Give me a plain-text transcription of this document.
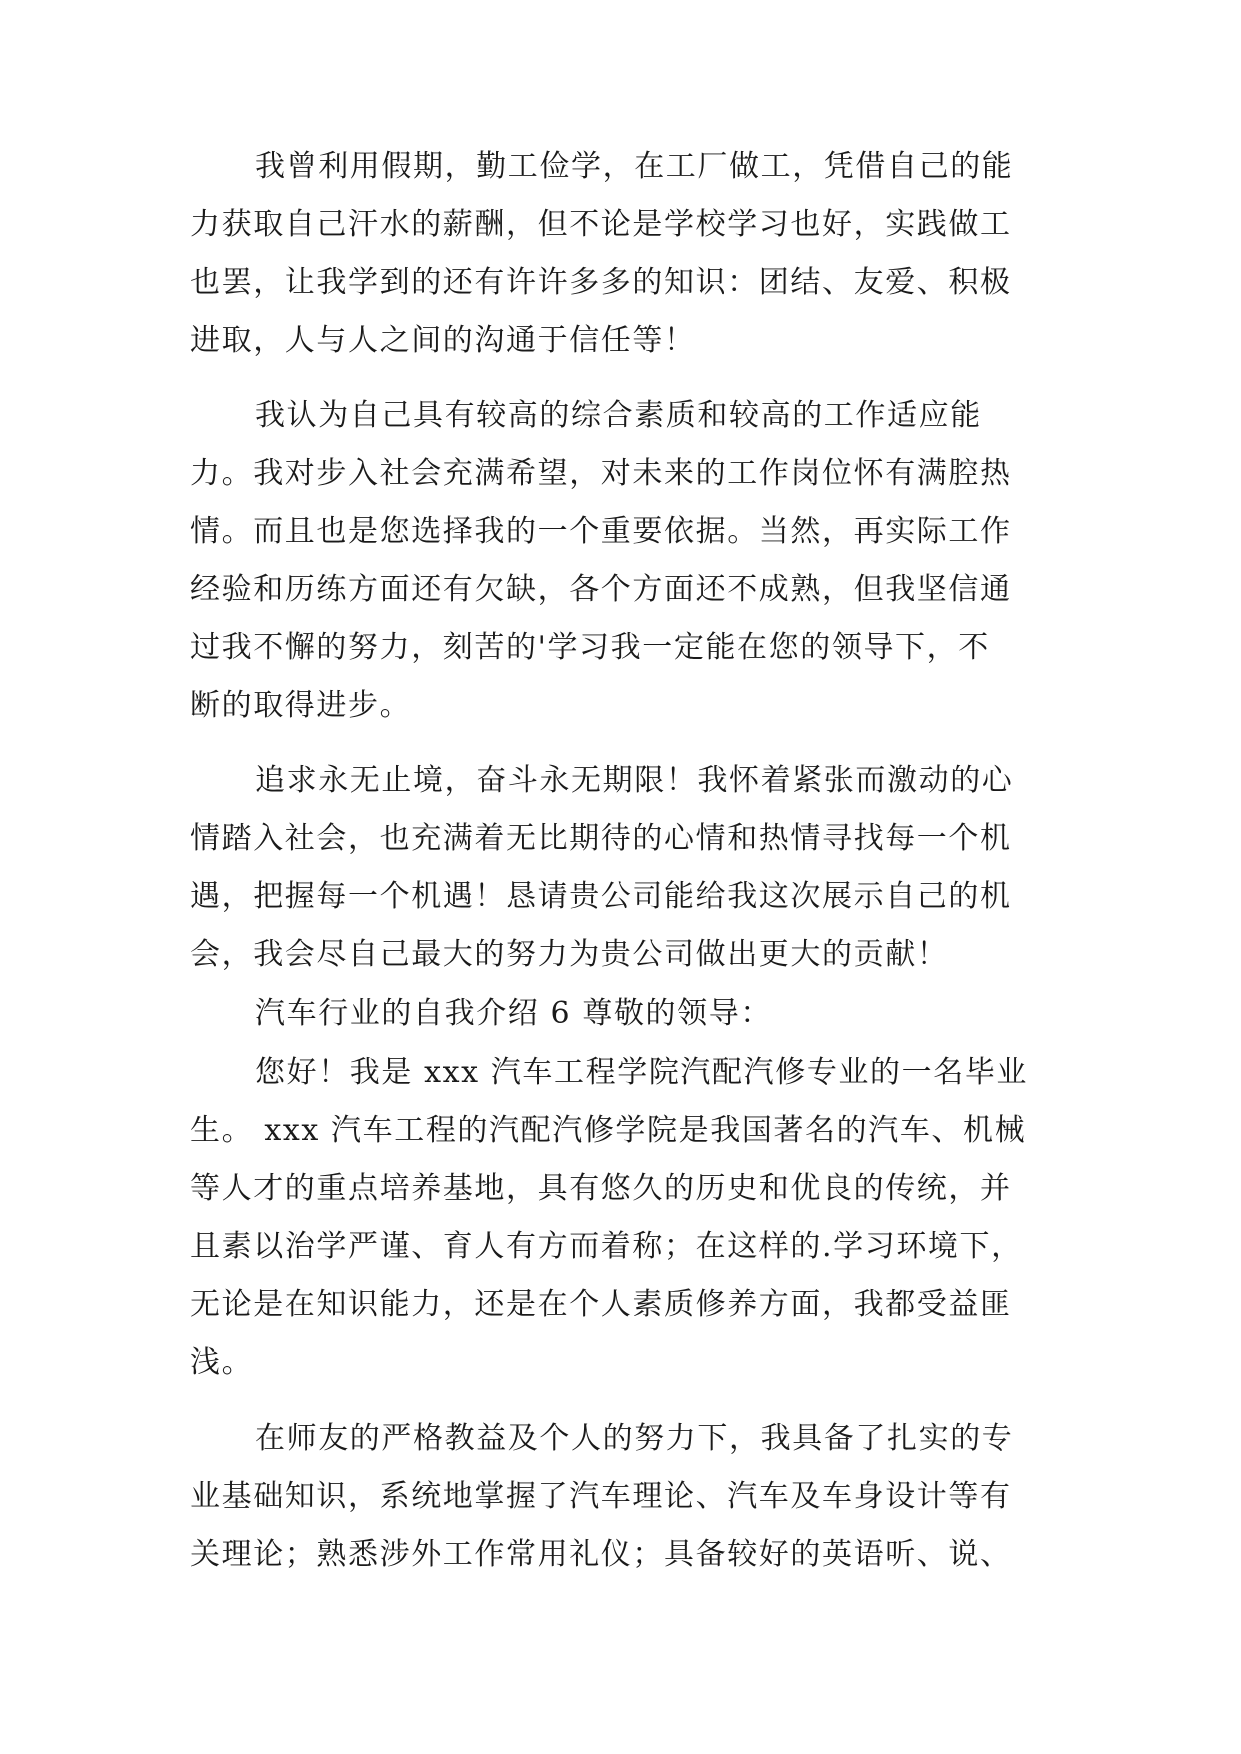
我曾利用假期，勤工俭学，在工厂做工，凭借自己的能
力获取自己汗水的薪酬，但不论是学校学习也好，实践做工
也罢，让我学到的还有许许多多的知识：团结、友爱、积极
进取，人与人之间的沟通于信任等！
我认为自己具有较高的综合素质和较高的工作适应能
力。我对步入社会充满希望，对未来的工作岗位怀有满腔热
情。而且也是您选择我的一个重要依据。当然，再实际工作
经验和历练方面还有欠缺，各个方面还不成熟，但我坚信通
过我不懈的努力，刻苦的'学习我一定能在您的领导下，不
断的取得进步。
追求永无止境，奋斗永无期限！我怀着紧张而激动的心
情踏入社会，也充满着无比期待的心情和热情寻找每一个机
遇，把握每一个机遇！恳请贵公司能给我这次展示自己的机
会，我会尽自己最大的努力为贵公司做出更大的贡献！
汽车行业的自我介绍 6 尊敬的领导：
您好！我是 xxx 汽车工程学院汽配汽修专业的一名毕业
生。 xxx 汽车工程的汽配汽修学院是我国著名的汽车、机械
等人才的重点培养基地，具有悠久的历史和优良的传统，并
且素以治学严谨、育人有方而着称；在这样的.学习环境下，
无论是在知识能力，还是在个人素质修养方面，我都受益匪
浅。
在师友的严格教益及个人的努力下，我具备了扎实的专
业基础知识，系统地掌握了汽车理论、汽车及车身设计等有
关理论；熟悉涉外工作常用礼仪；具备较好的英语听、说、
